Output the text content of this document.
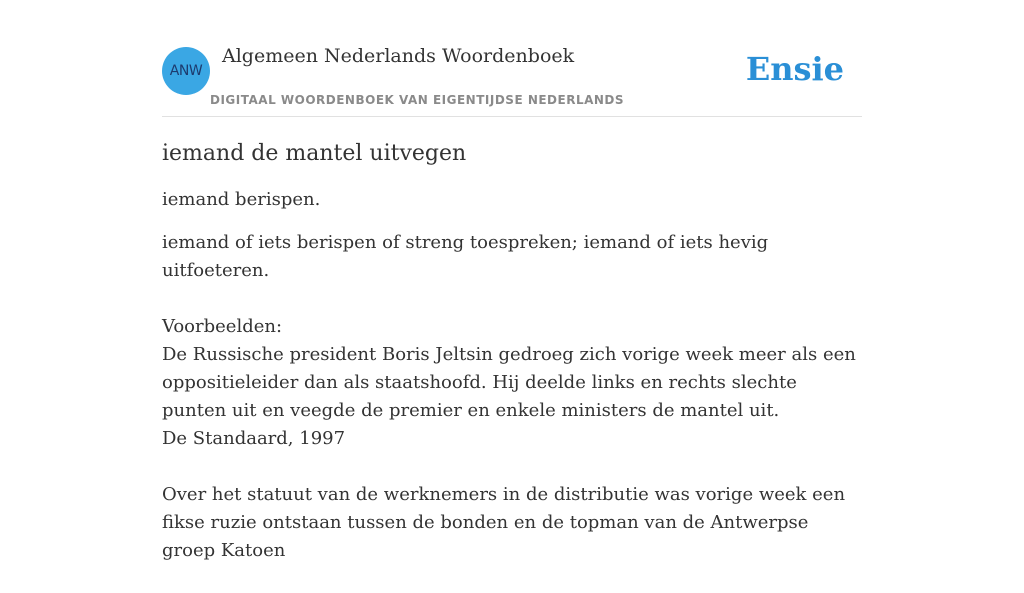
ANW
Algemeen Nederlands Woordenboek
DIGITAAL WOORDENBOEK VAN EIGENTIJDSE NEDERLANDS
Ensie
iemand de mantel uitvegen

iemand berispen.

iemand of iets berispen of streng toespreken; iemand of iets hevig uitfoeteren.

Voorbeelden:
De Russische president Boris Jeltsin gedroeg zich vorige week meer als een oppositieleider dan als staatshoofd. Hij deelde links en rechts slechte punten uit en veegde de premier en enkele ministers de mantel uit.
De Standaard, 1997
Over het statuut van de werknemers in de distributie was vorige week een fikse ruzie ontstaan tussen de bonden en de topman van de Antwerpse groep Katoen
